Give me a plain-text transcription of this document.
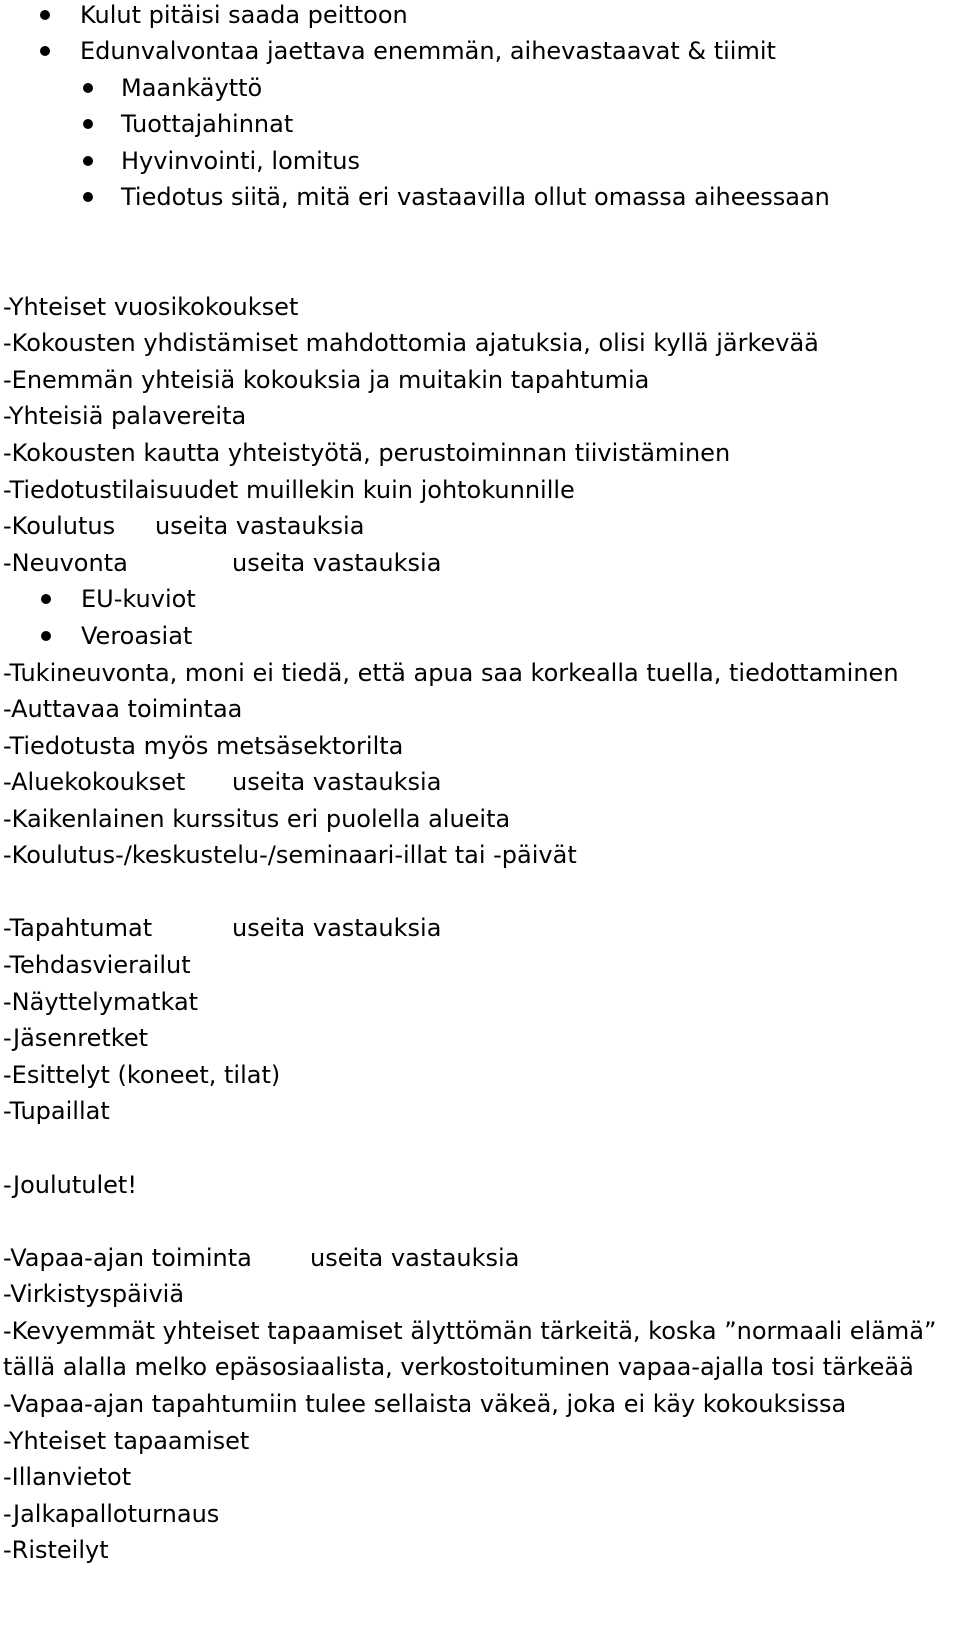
Kulut pitäisi saada peittoon
Edunvalvontaa jaettava enemmän, aihevastaavat & tiimit
Maankäyttö
Tuottajahinnat
Hyvinvointi, lomitus
Tiedotus siitä, mitä eri vastaavilla ollut omassa aiheessaan
-Yhteiset vuosikokoukset
-Kokousten yhdistämiset mahdottomia ajatuksia, olisi kyllä järkevää
-Enemmän yhteisiä kokouksia ja muitakin tapahtumia
-Yhteisiä palavereita
-Kokousten kautta yhteistyötä, perustoiminnan tiivistäminen
-Tiedotustilaisuudet muillekin kuin johtokunnille
-Koulutus useita vastauksia
-Neuvonta	useita vastauksia
EU-kuviot
Veroasiat
-Tukineuvonta, moni ei tiedä, että apua saa korkealla tuella, tiedottaminen
-Auttavaa toimintaa
-Tiedotusta myös metsäsektorilta
-Aluekokoukset useita vastauksia
-Kaikenlainen kurssitus eri puolella alueita
-Koulutus-/keskustelu-/seminaari-illat tai -päivät
-Tapahtumat	useita vastauksia
-Tehdasvierailut
-Näyttelymatkat
-Jäsenretket
-Esittelyt (koneet, tilat)
-Tupaillat
-Joulutulet!
-Vapaa-ajan toiminta useita vastauksia
-Virkistyspäiviä
-Kevyemmät yhteiset tapaamiset älyttömän tärkeitä, koska ”normaali elämä”
tällä alalla melko epäsosiaalista, verkostoituminen vapaa-ajalla tosi tärkeää
-Vapaa-ajan tapahtumiin tulee sellaista väkeä, joka ei käy kokouksissa
-Yhteiset tapaamiset
-Illanvietot
-Jalkapalloturnaus
-Risteilyt
